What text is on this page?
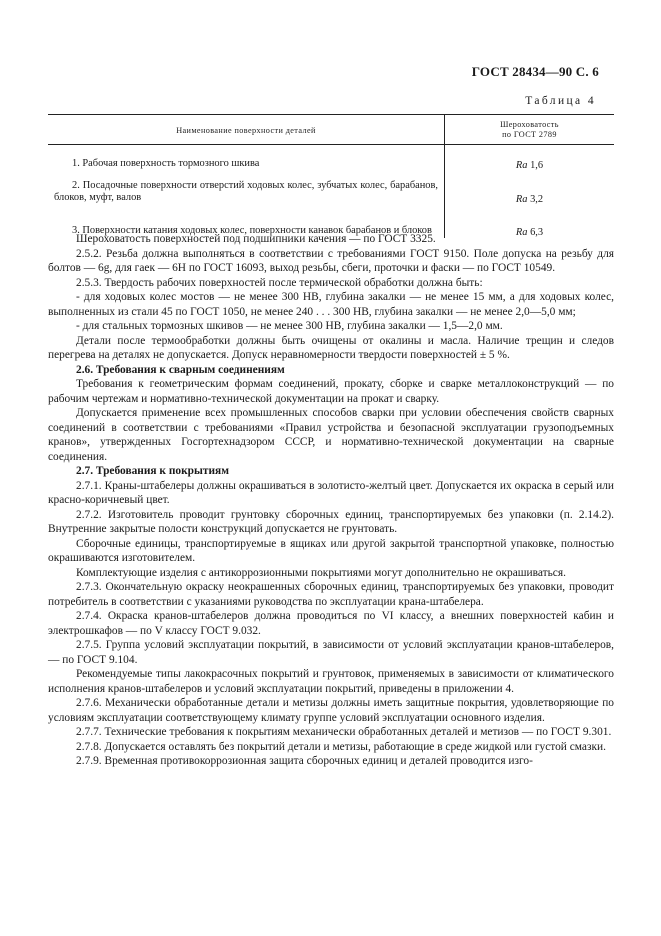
ГОСТ 28434—90 С. 6
Таблица 4
Наименование поверхности деталей	Шероховатость
по ГОСТ 2789
1. Рабочая поверхность тормозного шкива	Ra 1,6
2. Посадочные поверхности отверстий ходовых колес, зубчатых колес, барабанов, блоков, муфт, валов	Ra 3,2
3. Поверхности катания ходовых колес, поверхности канавок барабанов и блоков	Ra 6,3

Шероховатость поверхностей под подшипники качения — по ГОСТ 3325.

2.5.2. Резьба должна выполняться в соответствии с требованиями ГОСТ 9150. Поле допуска на резьбу для болтов — 6g, для гаек — 6Н по ГОСТ 16093, выход резьбы, сбеги, проточки и фаски — по ГОСТ 10549.

2.5.3. Твердость рабочих поверхностей после термической обработки должна быть:

- для ходовых колес мостов — не менее 300 НВ, глубина закалки — не менее 15 мм, а для ходовых колес, выполненных из стали 45 по ГОСТ 1050, не менее 240 . . . 300 НВ, глубина закалки — не менее 2,0—5,0 мм;

- для стальных тормозных шкивов — не менее 300 НВ, глубина закалки — 1,5—2,0 мм.

Детали после термообработки должны быть очищены от окалины и масла. Наличие трещин и следов перегрева на деталях не допускается. Допуск неравномерности твердости поверхностей ± 5 %.

2.6. Требования к сварным соединениям

Требования к геометрическим формам соединений, прокату, сборке и сварке металлоконструкций — по рабочим чертежам и нормативно-технической документации на прокат и сварку.

Допускается применение всех промышленных способов сварки при условии обеспечения свойств сварных соединений в соответствии с требованиями «Правил устройства и безопасной эксплуатации грузоподъемных кранов», утвержденных Госгортехнадзором СССР, и нормативно-технической документации на сварные соединения.

2.7. Требования к покрытиям

2.7.1. Краны-штабелеры должны окрашиваться в золотисто-желтый цвет. Допускается их окраска в серый или красно-коричневый цвет.

2.7.2. Изготовитель проводит грунтовку сборочных единиц, транспортируемых без упаковки (п. 2.14.2). Внутренние закрытые полости конструкций допускается не грунтовать.

Сборочные единицы, транспортируемые в ящиках или другой закрытой транспортной упаковке, полностью окрашиваются изготовителем.

Комплектующие изделия с антикоррозионными покрытиями могут дополнительно не окрашиваться.

2.7.3. Окончательную окраску неокрашенных сборочных единиц, транспортируемых без упаковки, проводит потребитель в соответствии с указаниями руководства по эксплуатации крана-штабелера.

2.7.4. Окраска кранов-штабелеров должна проводиться по VI классу, а внешних поверхностей кабин и электрошкафов — по V классу ГОСТ 9.032.

2.7.5. Группа условий эксплуатации покрытий, в зависимости от условий эксплуатации кранов-штабелеров, — по ГОСТ 9.104.

Рекомендуемые типы лакокрасочных покрытий и грунтовок, применяемых в зависимости от климатического исполнения кранов-штабелеров и условий эксплуатации покрытий, приведены в приложении 4.

2.7.6. Механически обработанные детали и метизы должны иметь защитные покрытия, удовлетворяющие по условиям эксплуатации соответствующему климату группе условий эксплуатации основного изделия.

2.7.7. Технические требования к покрытиям механически обработанных деталей и метизов — по ГОСТ 9.301.

2.7.8. Допускается оставлять без покрытий детали и метизы, работающие в среде жидкой или густой смазки.

2.7.9. Временная противокоррозионная защита сборочных единиц и деталей проводится изго-
